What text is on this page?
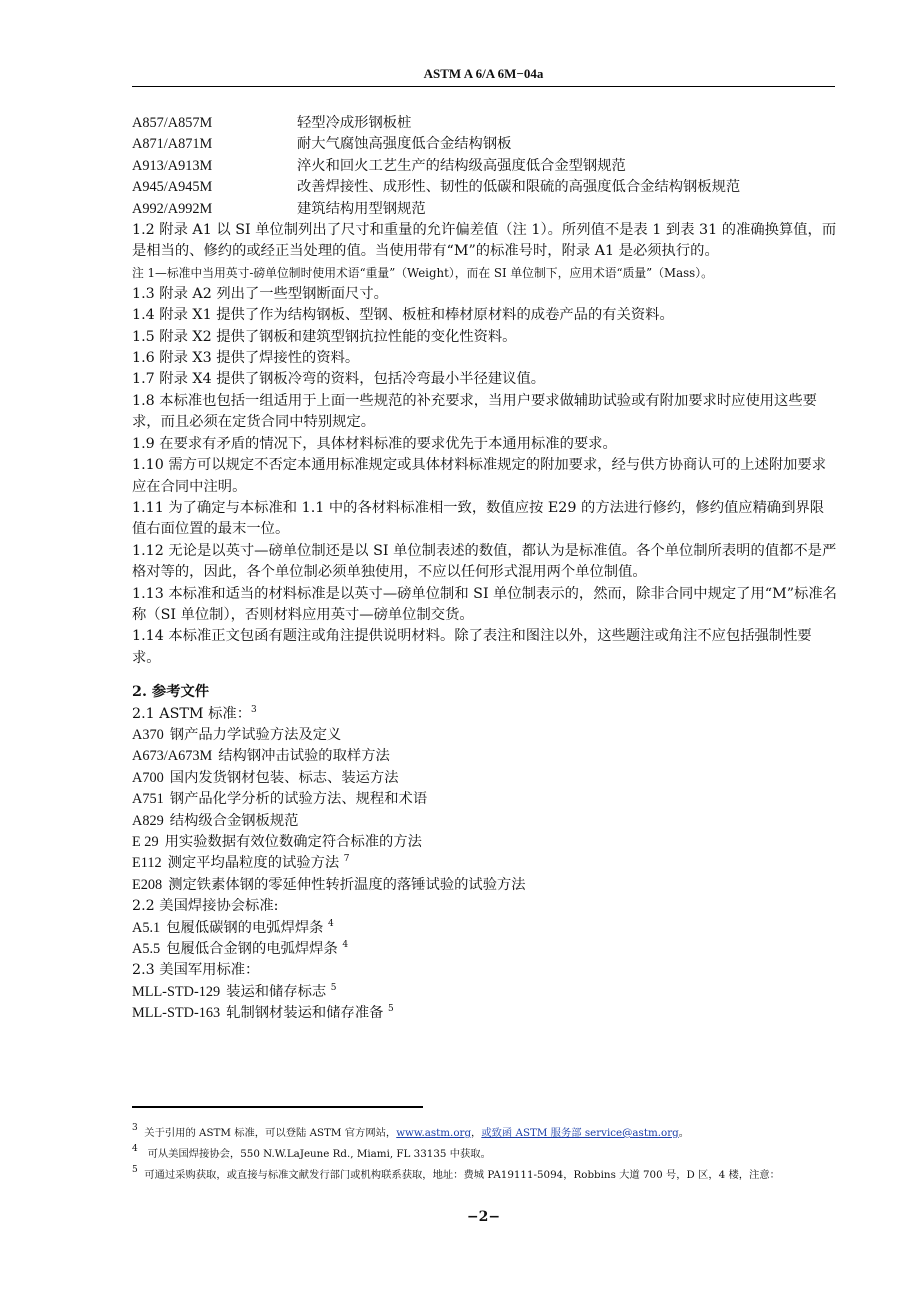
ASTM A 6/A 6M−04a
A857/A857M	轻型冷成形钢板桩
A871/A871M	耐大气腐蚀高强度低合金结构钢板
A913/A913M	淬火和回火工艺生产的结构级高强度低合金型钢规范
A945/A945M	改善焊接性、成形性、韧性的低碳和限硫的高强度低合金结构钢板规范
A992/A992M	建筑结构用型钢规范

1.2 附录 A1 以 SI 单位制列出了尺寸和重量的允许偏差值（注 1）。所列值不是表 1 到表 31 的准确换算值，而是相当的、修约的或经正当处理的值。当使用带有“M”的标准号时，附录 A1 是必须执行的。

注 1—标准中当用英寸-磅单位制时使用术语“重量”（Weight），而在 SI 单位制下，应用术语“质量”（Mass）。

1.3 附录 A2 列出了一些型钢断面尺寸。

1.4 附录 X1 提供了作为结构钢板、型钢、板桩和棒材原材料的成卷产品的有关资料。

1.5 附录 X2 提供了钢板和建筑型钢抗拉性能的变化性资料。

1.6 附录 X3 提供了焊接性的资料。

1.7 附录 X4 提供了钢板冷弯的资料，包括冷弯最小半径建议值。

1.8 本标准也包括一组适用于上面一些规范的补充要求，当用户要求做辅助试验或有附加要求时应使用这些要求，而且必须在定货合同中特别规定。

1.9 在要求有矛盾的情况下，具体材料标准的要求优先于本通用标准的要求。

1.10 需方可以规定不否定本通用标准规定或具体材料标准规定的附加要求，经与供方协商认可的上述附加要求应在合同中注明。

1.11 为了确定与本标准和 1.1 中的各材料标准相一致，数值应按 E29 的方法进行修约，修约值应精确到界限值右面位置的最末一位。

1.12 无论是以英寸—磅单位制还是以 SI 单位制表述的数值，都认为是标准值。各个单位制所表明的值都不是严格对等的，因此，各个单位制必须单独使用，不应以任何形式混用两个单位制值。

1.13 本标准和适当的材料标准是以英寸—磅单位制和 SI 单位制表示的，然而，除非合同中规定了用“M”标准名称（SI 单位制），否则材料应用英寸—磅单位制交货。

1.14 本标准正文包函有题注或角注提供说明材料。除了表注和图注以外，这些题注或角注不应包括强制性要求。

2. 参考文件
2.1 ASTM 标准：$^3$
A370 钢产品力学试验方法及定义
A673/A673M 结构钢冲击试验的取样方法
A700 国内发货钢材包装、标志、装运方法
A751 钢产品化学分析的试验方法、规程和术语
A829 结构级合金钢板规范
E 29 用实验数据有效位数确定符合标准的方法
E112 测定平均晶粒度的试验方法 $^7$
E208 测定铁素体钢的零延伸性转折温度的落锤试验的试验方法
2.2 美国焊接协会标准:
A5.1 包履低碳钢的电弧焊焊条 $^4$
A5.5 包履低合金钢的电弧焊焊条 $^4$
2.3 美国军用标准：
MLL-STD-129 装运和储存标志 $^5$
MLL-STD-163 轧制钢材装运和储存准备 $^5$

$^3$ 关于引用的 ASTM 标准，可以登陆 ASTM 官方网站，www.astm.org，或致函 ASTM 服务部 service@astm.org。

$^4$ 可从美国焊接协会，550 N.W.LaJeune Rd., Miami, FL 33135 中获取。

$^5$ 可通过采购获取，或直接与标准文献发行部门或机构联系获取，地址：费城 PA19111-5094，Robbins 大道 700 号，D 区，4 楼，注意：

−2−
